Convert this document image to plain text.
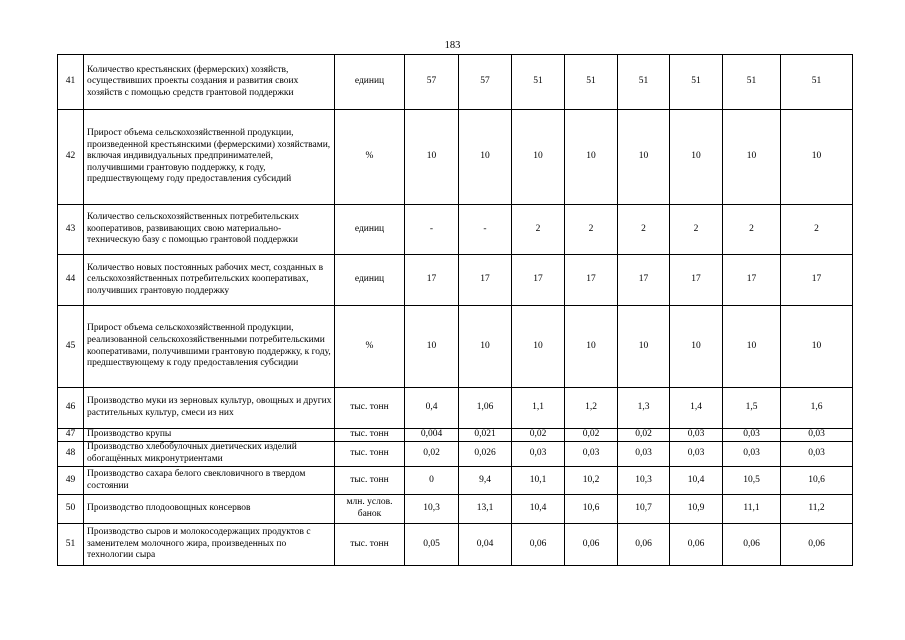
183
41	Количество крестьянских (фермерских) хозяйств, осуществивших проекты создания и развития своих хозяйств с помощью средств грантовой поддержки	единиц	57	57	51	51	51	51	51	51
42	Прирост объема сельскохозяйственной продукции, произведенной крестьянскими (фермерскими) хозяйствами, включая индивидуальных предпринимателей, получившими грантовую поддержку, к году, предшествующему году предоставления субсидий	%	10	10	10	10	10	10	10	10
43	Количество сельскохозяйственных потребительских кооперативов, развивающих свою материально-техническую базу с помощью грантовой поддержки	единиц	-	-	2	2	2	2	2	2
44	Количество новых постоянных рабочих мест, созданных в сельскохозяйственных потребительских кооперативах, получивших грантовую поддержку	единиц	17	17	17	17	17	17	17	17
45	Прирост объема сельскохозяйственной продукции, реализованной сельскохозяйственными потребительскими кооперативами, получившими грантовую поддержку, к году, предшествующему к году предоставления субсидии	%	10	10	10	10	10	10	10	10
46	Производство муки из зерновых культур, овощных и других растительных культур, смеси из них	тыс. тонн	0,4	1,06	1,1	1,2	1,3	1,4	1,5	1,6
47	Производство крупы	тыс. тонн	0,004	0,021	0,02	0,02	0,02	0,03	0,03	0,03
48	Производство хлебобулочных диетических изделий обогащённых микронутриентами	тыс. тонн	0,02	0,026	0,03	0,03	0,03	0,03	0,03	0,03
49	Производство сахара белого свекловичного в твердом состоянии	тыс. тонн	0	9,4	10,1	10,2	10,3	10,4	10,5	10,6
50	Производство плодоовощных консервов	млн. услов. банок	10,3	13,1	10,4	10,6	10,7	10,9	11,1	11,2
51	Производство сыров и молокосодержащих продуктов с заменителем молочного жира, произведенных по технологии сыра	тыс. тонн	0,05	0,04	0,06	0,06	0,06	0,06	0,06	0,06
